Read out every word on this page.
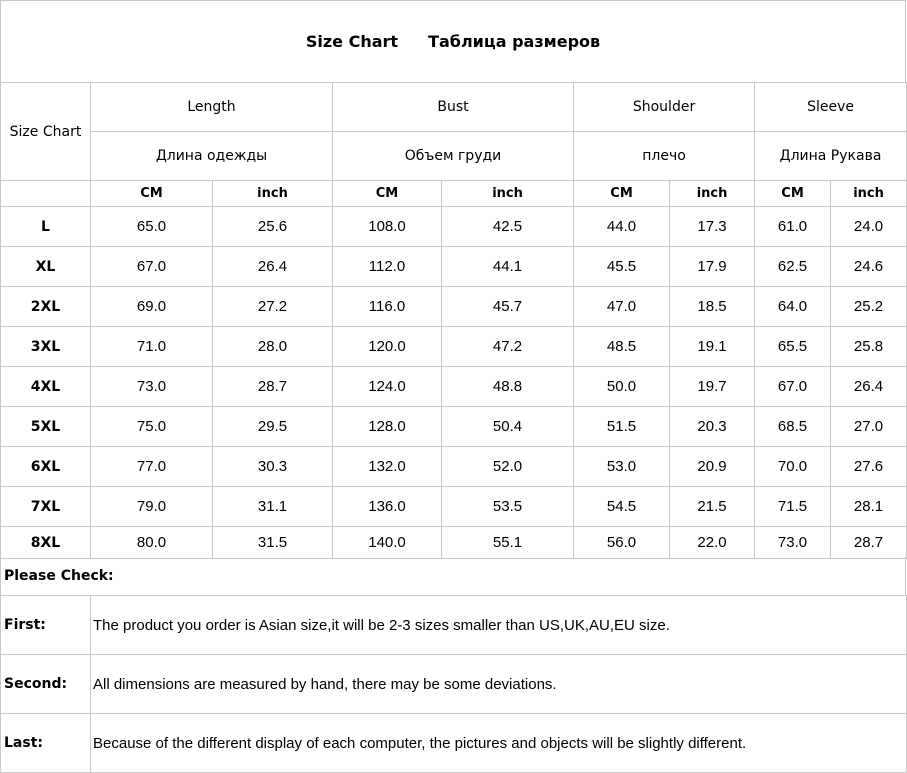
Size Chart Таблица размеров
Size Chart	Length		Bust		Shoulder		Sleeve	
	Длина одежды		Объем груди		плечо		Длина Рукава	
	CM	inch	CM	inch	CM	inch	CM	inch
L	65.0	25.6	108.0	42.5	44.0	17.3	61.0	24.0
XL	67.0	26.4	112.0	44.1	45.5	17.9	62.5	24.6
2XL	69.0	27.2	116.0	45.7	47.0	18.5	64.0	25.2
3XL	71.0	28.0	120.0	47.2	48.5	19.1	65.5	25.8
4XL	73.0	28.7	124.0	48.8	50.0	19.7	67.0	26.4
5XL	75.0	29.5	128.0	50.4	51.5	20.3	68.5	27.0
6XL	77.0	30.3	132.0	52.0	53.0	20.9	70.0	27.6
7XL	79.0	31.1	136.0	53.5	54.5	21.5	71.5	28.1
8XL	80.0	31.5	140.0	55.1	56.0	22.0	73.0	28.7
Please Check:
First:	The product you order is Asian size,it will be 2-3 sizes smaller than US,UK,AU,EU size.
Second:	All dimensions are measured by hand, there may be some deviations.
Last:	Because of the different display of each computer, the pictures and objects will be slightly different.
